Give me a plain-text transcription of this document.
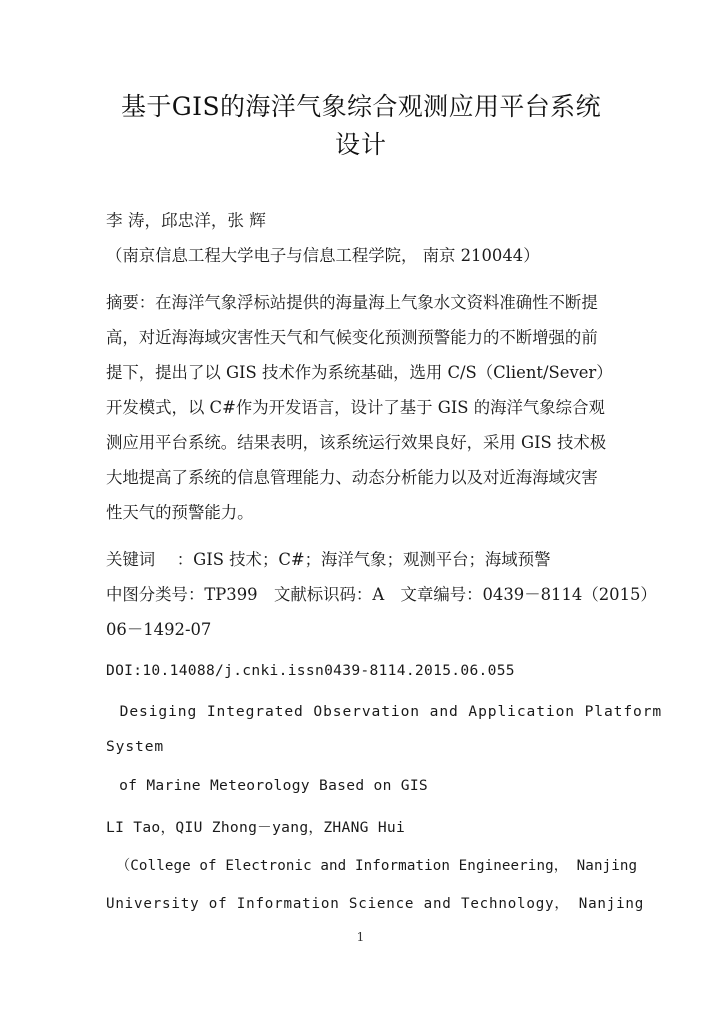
基于GIS的海洋气象综合观测应用平台系统
设计
李 涛，邱忠洋，张 辉
（南京信息工程大学电子与信息工程学院， 南京 210044）
摘要：在海洋气象浮标站提供的海量海上气象水文资料准确性不断提
高，对近海海域灾害性天气和气候变化预测预警能力的不断增强的前
提下，提出了以 GIS 技术作为系统基础，选用 C/S（Client/Sever）
开发模式，以 C#作为开发语言，设计了基于 GIS 的海洋气象综合观
测应用平台系统。结果表明，该系统运行效果良好，采用 GIS 技术极
大地提高了系统的信息管理能力、动态分析能力以及对近海海域灾害
性天气的预警能力。
关键词　 ：GIS 技术；C#；海洋气象；观测平台；海域预警
中图分类号：TP399　文献标识码：A　文章编号：0439－8114（2015）
06－1492-07
DOI:10.14088/j.cnki.issn0439-8114.2015.06.055
Desiging Integrated Observation and Application Platform
System
of Marine Meteorology Based on GIS
LI Tao，QIU Zhong－yang，ZHANG Hui
（College of Electronic and Information Engineering， Nanjing
University of Information Science and Technology， Nanjing
1
